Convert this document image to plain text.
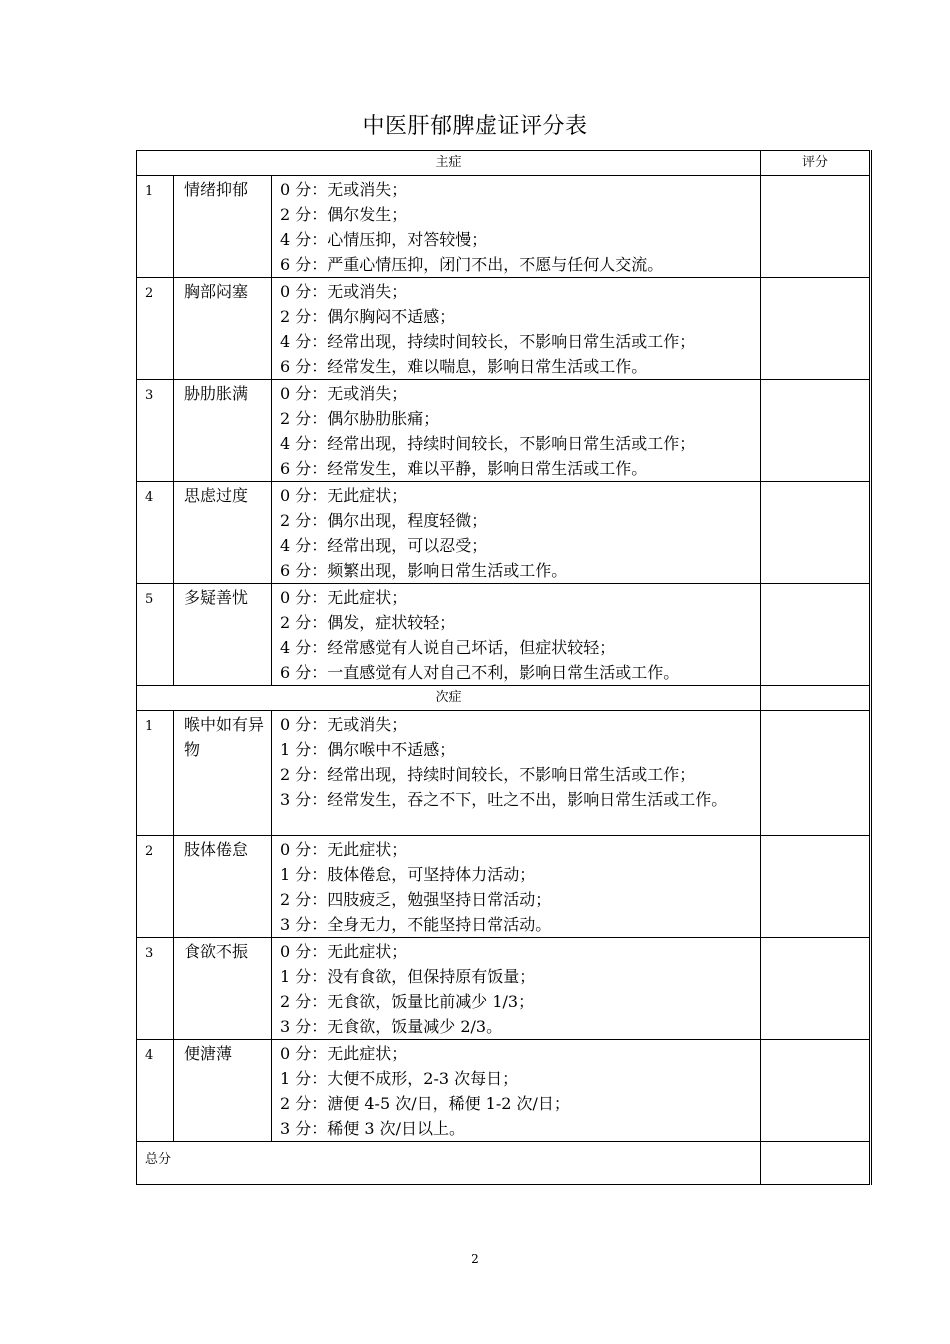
中医肝郁脾虚证评分表
主症			评分
1	情绪抑郁	0 分：无或消失；
2 分：偶尔发生；
4 分：心情压抑，对答较慢；
6 分：严重心情压抑，闭门不出，不愿与任何人交流。	

2	胸部闷塞	0 分：无或消失；
2 分：偶尔胸闷不适感；
4 分：经常出现，持续时间较长，不影响日常生活或工作；
6 分：经常发生，难以喘息，影响日常生活或工作。	

3	胁肋胀满	0 分：无或消失；
2 分：偶尔胁肋胀痛；
4 分：经常出现，持续时间较长，不影响日常生活或工作；
6 分：经常发生，难以平静，影响日常生活或工作。	

4	思虑过度	0 分：无此症状；
2 分：偶尔出现，程度轻微；
4 分：经常出现，可以忍受；
6 分：频繁出现，影响日常生活或工作。	

5	多疑善忧	0 分：无此症状；
2 分：偶发，症状较轻；
4 分：经常感觉有人说自己坏话，但症状较轻；
6 分：一直感觉有人对自己不利，影响日常生活或工作。	

次症			
1	喉中如有异物	0 分：无或消失；
1 分：偶尔喉中不适感；
2 分：经常出现，持续时间较长，不影响日常生活或工作；
3 分：经常发生，吞之不下，吐之不出，影响日常生活或工作。	

2	肢体倦怠	0 分：无此症状；
1 分：肢体倦怠，可坚持体力活动；
2 分：四肢疲乏，勉强坚持日常活动；
3 分：全身无力，不能坚持日常活动。	

3	食欲不振	0 分：无此症状；
1 分：没有食欲，但保持原有饭量；
2 分：无食欲，饭量比前减少 1/3；
3 分：无食欲，饭量减少 2/3。	

4	便溏薄	0 分：无此症状；
1 分：大便不成形，2-3 次每日；
2 分：溏便 4-5 次/日，稀便 1-2 次/日；
3 分：稀便 3 次/日以上。	

总分			
2
